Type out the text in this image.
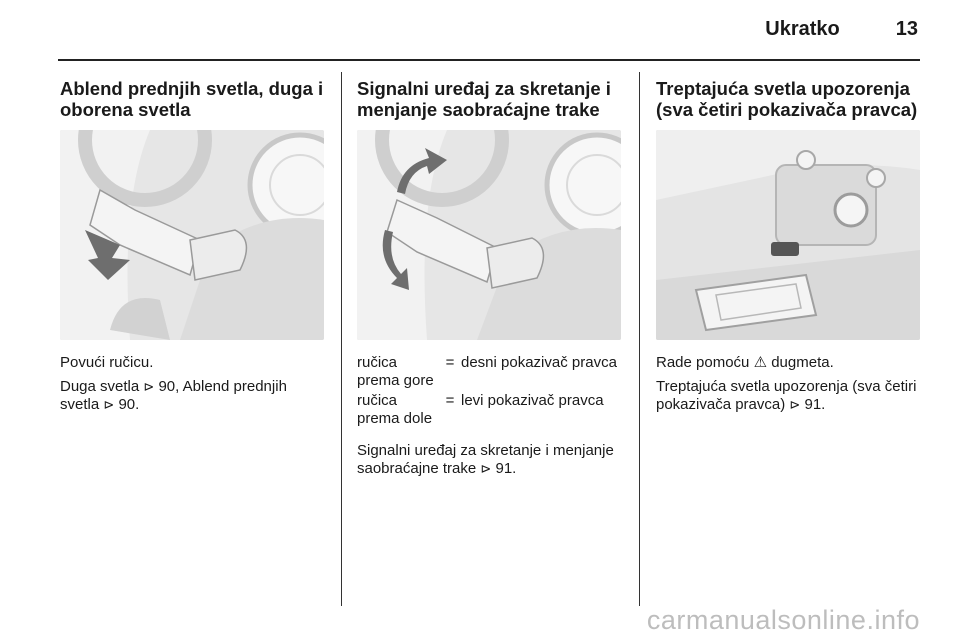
Ukratko	13
Ablend prednjih svetla, duga i oborena svetla

Povući ručicu.

Duga svetla ⊳ 90, Ablend prednjih svetla ⊳ 90.

Signalni uređaj za skretanje i menjanje saobraćajne trake
ručica prema gore	=	desni pokazivač pravca
ručica prema dole	=	levi pokazivač pravca

Signalni uređaj za skretanje i menjanje saobraćajne trake ⊳ 91.

Treptajuća svetla upozorenja (sva četiri pokazivača pravca)

Rade pomoću ⚠ dugmeta.

Treptajuća svetla upozorenja (sva četiri pokazivača pravca) ⊳ 91.

carmanualsonline.info
